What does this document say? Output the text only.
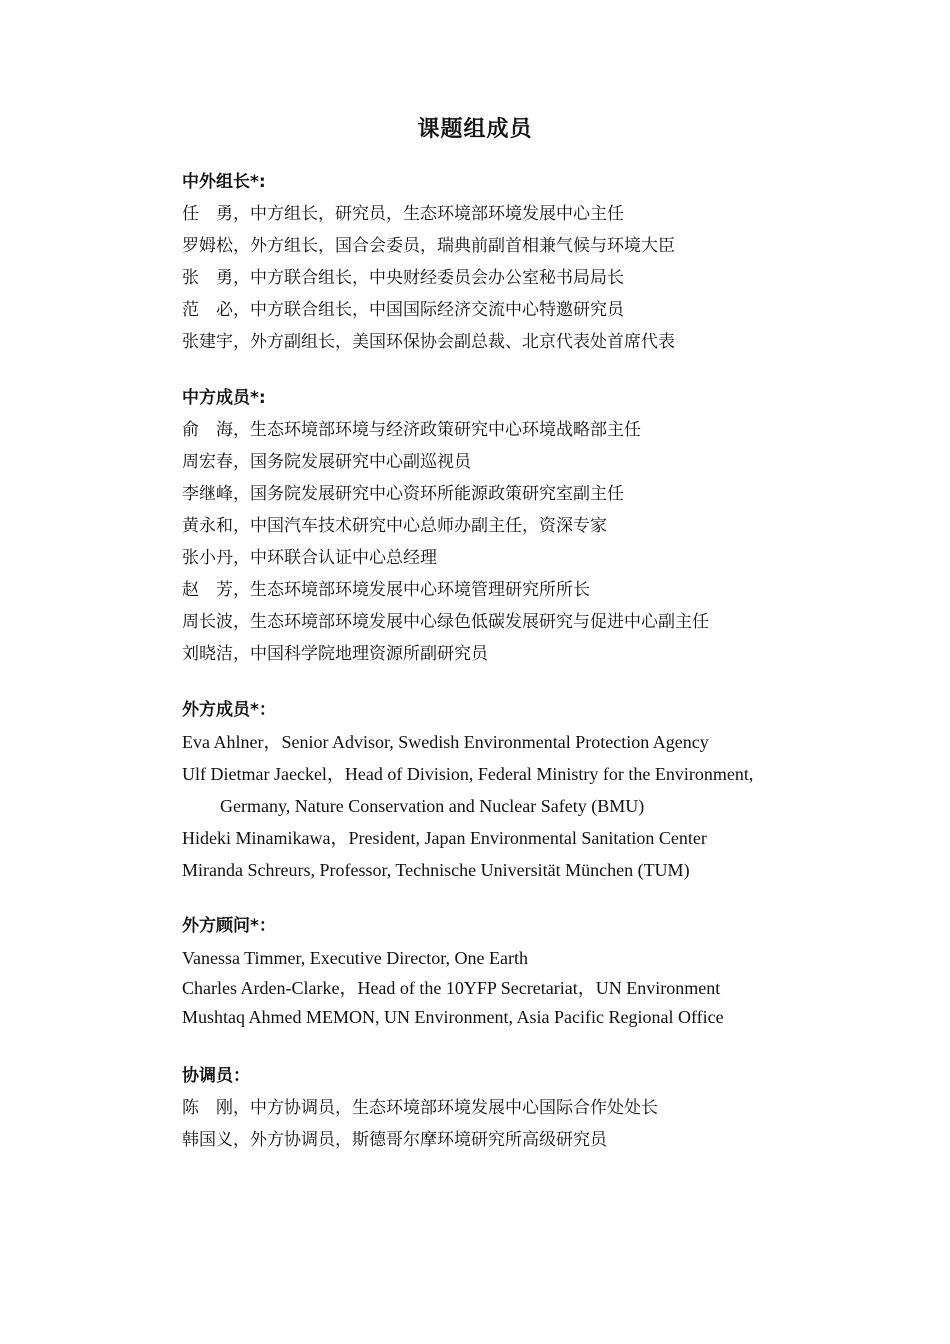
课题组成员
中外组长*:
任　勇，中方组长，研究员，生态环境部环境发展中心主任
罗姆松，外方组长，国合会委员，瑞典前副首相兼气候与环境大臣
张　勇，中方联合组长，中央财经委员会办公室秘书局局长
范　必，中方联合组长，中国国际经济交流中心特邀研究员
张建宇，外方副组长，美国环保协会副总裁、北京代表处首席代表
中方成员*:
俞　海，生态环境部环境与经济政策研究中心环境战略部主任
周宏春，国务院发展研究中心副巡视员
李继峰，国务院发展研究中心资环所能源政策研究室副主任
黄永和，中国汽车技术研究中心总师办副主任，资深专家
张小丹，中环联合认证中心总经理
赵　芳，生态环境部环境发展中心环境管理研究所所长
周长波，生态环境部环境发展中心绿色低碳发展研究与促进中心副主任
刘晓洁，中国科学院地理资源所副研究员
外方成员*：
Eva Ahlner，Senior Advisor, Swedish Environmental Protection Agency
Ulf Dietmar Jaeckel，Head of Division, Federal Ministry for the Environment,
Germany, Nature Conservation and Nuclear Safety (BMU)
Hideki Minamikawa，President, Japan Environmental Sanitation Center
Miranda Schreurs, Professor, Technische Universität München (TUM)
外方顾问*：
Vanessa Timmer, Executive Director, One Earth
Charles Arden-Clarke，Head of the 10YFP Secretariat，UN Environment
Mushtaq Ahmed MEMON, UN Environment, Asia Pacific Regional Office
协调员：
陈　刚，中方协调员，生态环境部环境发展中心国际合作处处长
韩国义，外方协调员，斯德哥尔摩环境研究所高级研究员
